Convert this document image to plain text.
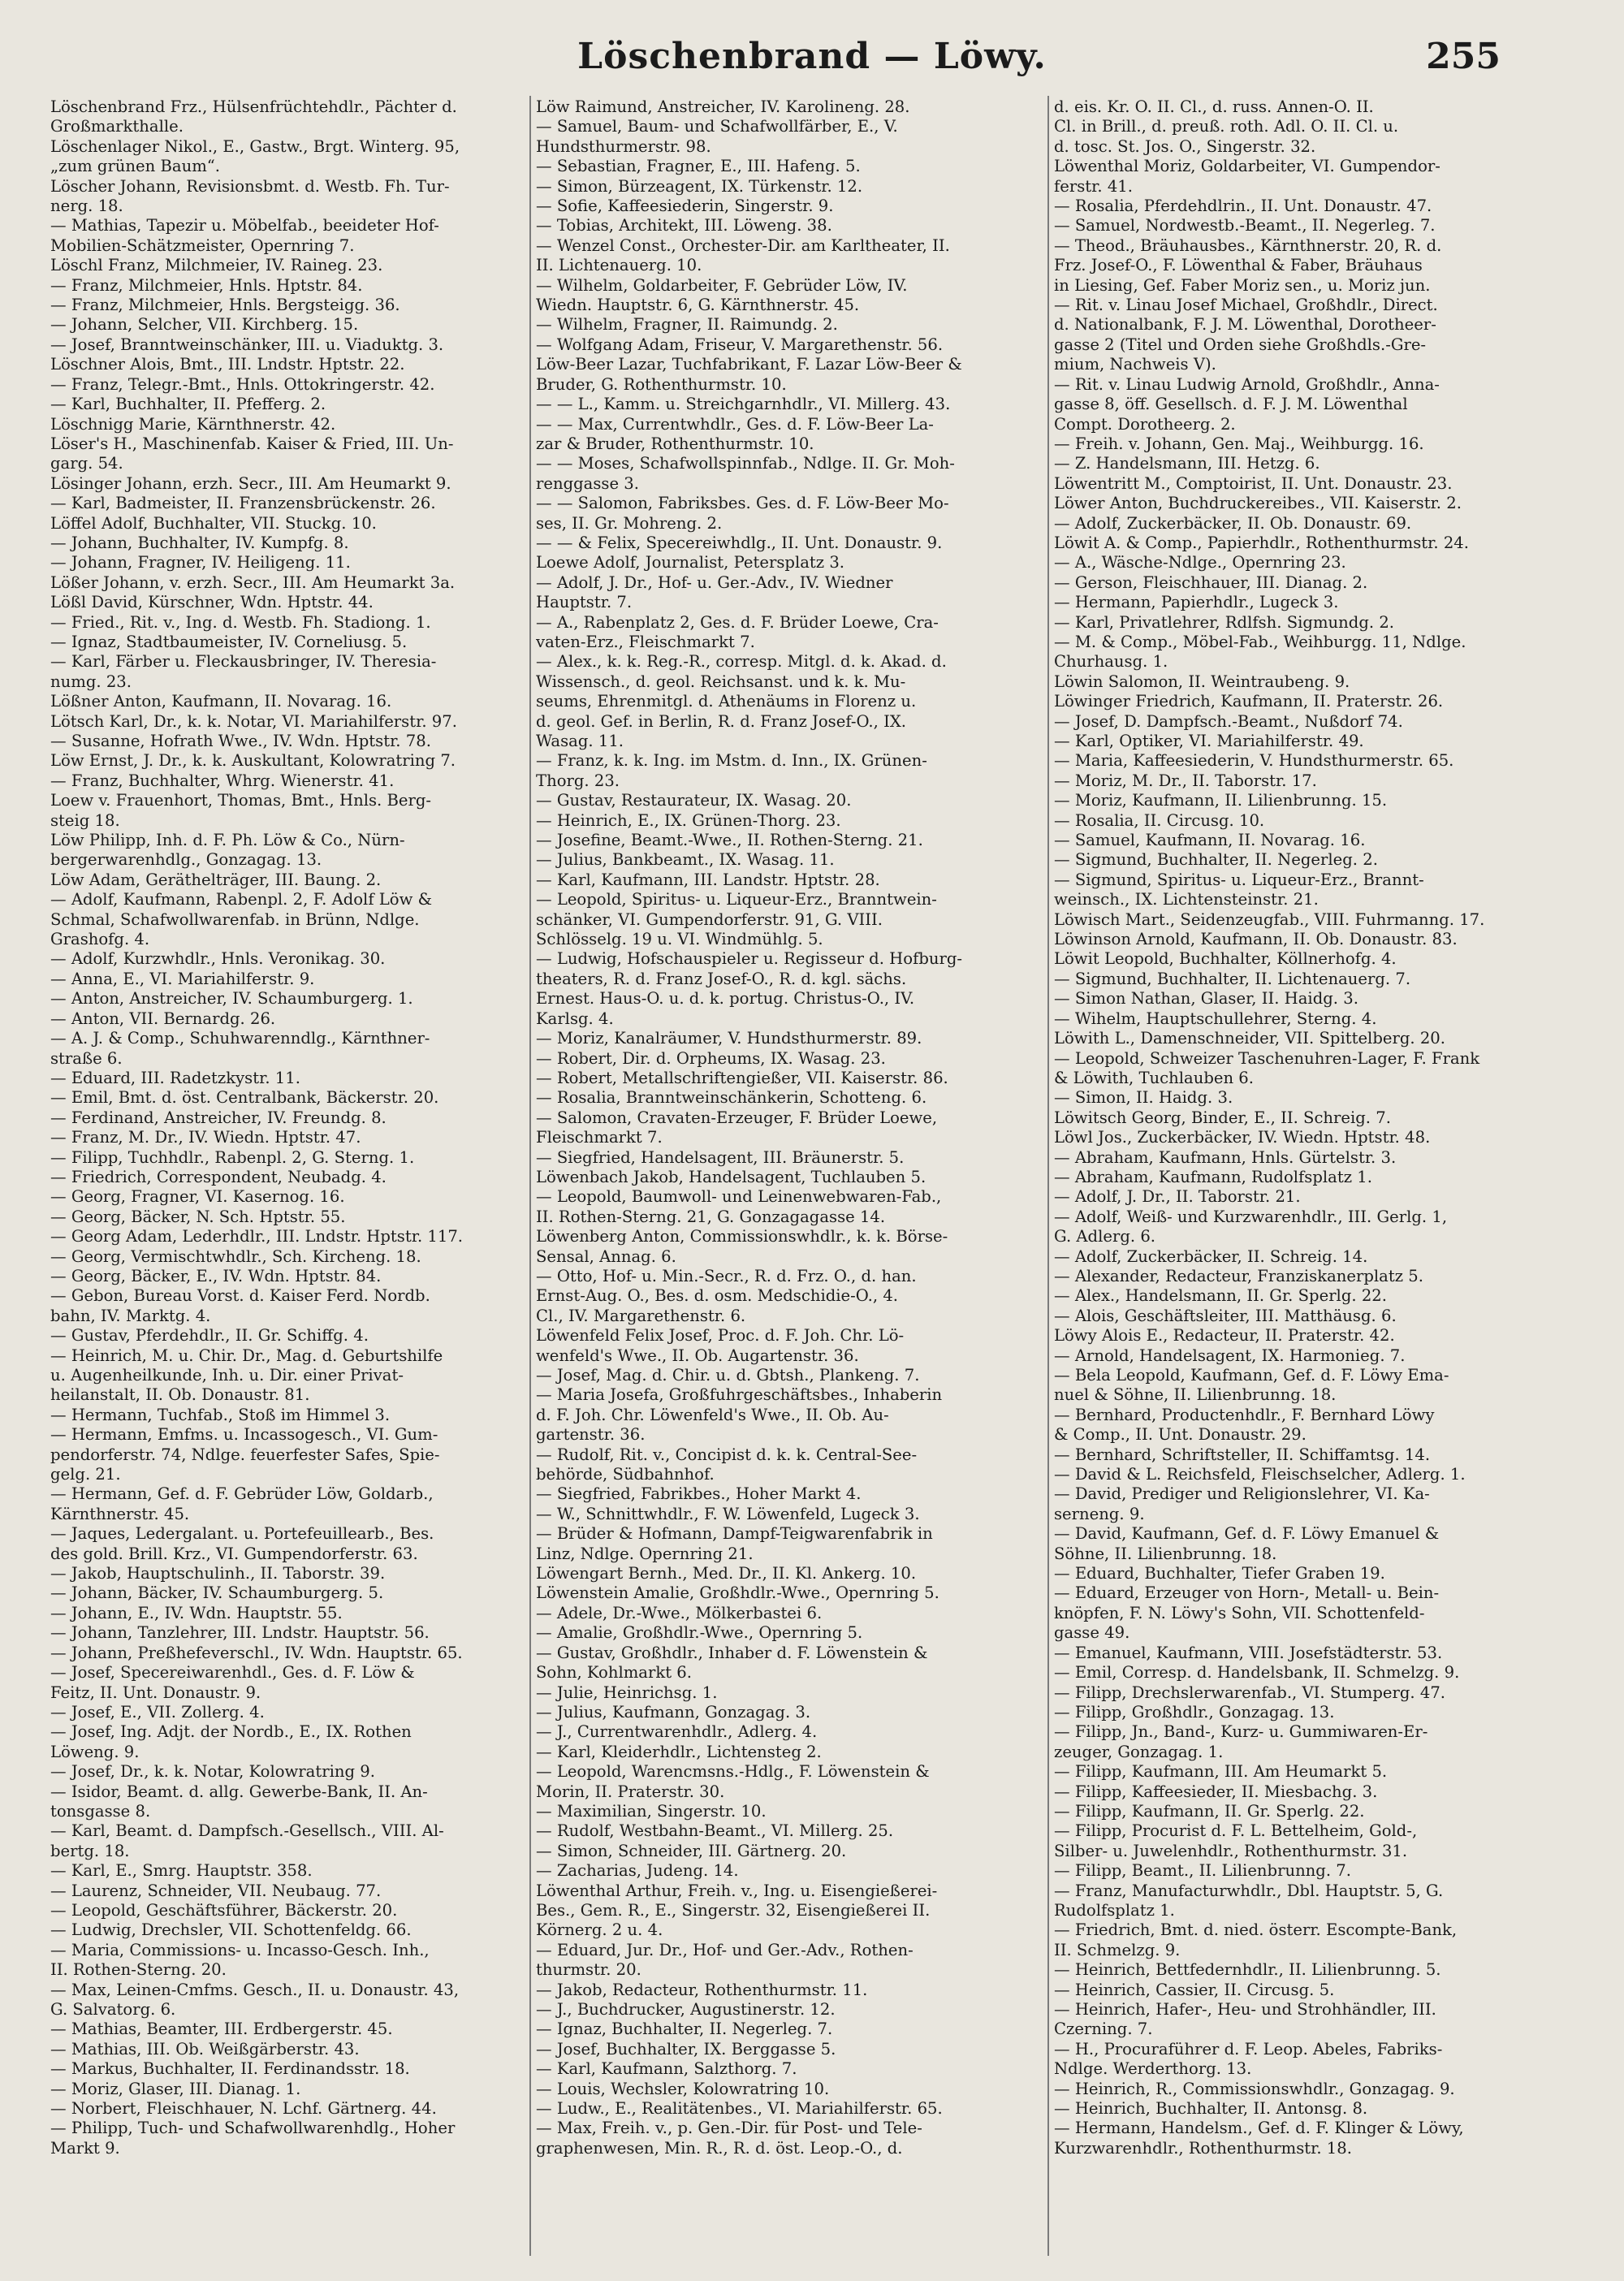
Löschenbrand — Löwy.	255
Löschenbrand Frz., Hülsenfrüchtehdlr., Pächter d.
Großmarkthalle.
Löschenlager Nikol., E., Gastw., Brgt. Winterg. 95,
„zum grünen Baum“.
Löscher Johann, Revisionsbmt. d. Westb. Fh. Tur-
nerg. 18.
— Mathias, Tapezir u. Möbelfab., beeideter Hof-
Mobilien-Schätzmeister, Opernring 7.
Löschl Franz, Milchmeier, IV. Raineg. 23.
— Franz, Milchmeier, Hnls. Hptstr. 84.
— Franz, Milchmeier, Hnls. Bergsteigg. 36.
— Johann, Selcher, VII. Kirchberg. 15.
— Josef, Branntweinschänker, III. u. Viaduktg. 3.
Löschner Alois, Bmt., III. Lndstr. Hptstr. 22.
— Franz, Telegr.-Bmt., Hnls. Ottokringerstr. 42.
— Karl, Buchhalter, II. Pfefferg. 2.
Löschnigg Marie, Kärnthnerstr. 42.
Löser's H., Maschinenfab. Kaiser & Fried, III. Un-
garg. 54.
Lösinger Johann, erzh. Secr., III. Am Heumarkt 9.
— Karl, Badmeister, II. Franzensbrückenstr. 26.
Löffel Adolf, Buchhalter, VII. Stuckg. 10.
— Johann, Buchhalter, IV. Kumpfg. 8.
— Johann, Fragner, IV. Heiligeng. 11.
Lößer Johann, v. erzh. Secr., III. Am Heumarkt 3a.
Lößl David, Kürschner, Wdn. Hptstr. 44.
— Fried., Rit. v., Ing. d. Westb. Fh. Stadiong. 1.
— Ignaz, Stadtbaumeister, IV. Corneliusg. 5.
— Karl, Färber u. Fleckausbringer, IV. Theresia-
numg. 23.
Lößner Anton, Kaufmann, II. Novarag. 16.
Lötsch Karl, Dr., k. k. Notar, VI. Mariahilferstr. 97.
— Susanne, Hofrath Wwe., IV. Wdn. Hptstr. 78.
Löw Ernst, J. Dr., k. k. Auskultant, Kolowratring 7.
— Franz, Buchhalter, Whrg. Wienerstr. 41.
Loew v. Frauenhort, Thomas, Bmt., Hnls. Berg-
steig 18.
Löw Philipp, Inh. d. F. Ph. Löw & Co., Nürn-
bergerwarenhdlg., Gonzagag. 13.
Löw Adam, Geräthelträger, III. Baung. 2.
— Adolf, Kaufmann, Rabenpl. 2, F. Adolf Löw &
Schmal, Schafwollwarenfab. in Brünn, Ndlge.
Grashofg. 4.
— Adolf, Kurzwhdlr., Hnls. Veronikag. 30.
— Anna, E., VI. Mariahilferstr. 9.
— Anton, Anstreicher, IV. Schaumburgerg. 1.
— Anton, VII. Bernardg. 26.
— A. J. & Comp., Schuhwarenndlg., Kärnthner-
straße 6.
— Eduard, III. Radetzkystr. 11.
— Emil, Bmt. d. öst. Centralbank, Bäckerstr. 20.
— Ferdinand, Anstreicher, IV. Freundg. 8.
— Franz, M. Dr., IV. Wiedn. Hptstr. 47.
— Filipp, Tuchhdlr., Rabenpl. 2, G. Sterng. 1.
— Friedrich, Correspondent, Neubadg. 4.
— Georg, Fragner, VI. Kasernog. 16.
— Georg, Bäcker, N. Sch. Hptstr. 55.
— Georg Adam, Lederhdlr., III. Lndstr. Hptstr. 117.
— Georg, Vermischtwhdlr., Sch. Kircheng. 18.
— Georg, Bäcker, E., IV. Wdn. Hptstr. 84.
— Gebon, Bureau Vorst. d. Kaiser Ferd. Nordb.
bahn, IV. Marktg. 4.
— Gustav, Pferdehdlr., II. Gr. Schiffg. 4.
— Heinrich, M. u. Chir. Dr., Mag. d. Geburtshilfe
u. Augenheilkunde, Inh. u. Dir. einer Privat-
heilanstalt, II. Ob. Donaustr. 81.
— Hermann, Tuchfab., Stoß im Himmel 3.
— Hermann, Emfms. u. Incassogesch., VI. Gum-
pendorferstr. 74, Ndlge. feuerfester Safes, Spie-
gelg. 21.
— Hermann, Gef. d. F. Gebrüder Löw, Goldarb.,
Kärnthnerstr. 45.
— Jaques, Ledergalant. u. Portefeuillearb., Bes.
des gold. Brill. Krz., VI. Gumpendorferstr. 63.
— Jakob, Hauptschulinh., II. Taborstr. 39.
— Johann, Bäcker, IV. Schaumburgerg. 5.
— Johann, E., IV. Wdn. Hauptstr. 55.
— Johann, Tanzlehrer, III. Lndstr. Hauptstr. 56.
— Johann, Preßhefeverschl., IV. Wdn. Hauptstr. 65.
— Josef, Specereiwarenhdl., Ges. d. F. Löw &
Feitz, II. Unt. Donaustr. 9.
— Josef, E., VII. Zollerg. 4.
— Josef, Ing. Adjt. der Nordb., E., IX. Rothen
Löweng. 9.
— Josef, Dr., k. k. Notar, Kolowratring 9.
— Isidor, Beamt. d. allg. Gewerbe-Bank, II. An-
tonsgasse 8.
— Karl, Beamt. d. Dampfsch.-Gesellsch., VIII. Al-
bertg. 18.
— Karl, E., Smrg. Hauptstr. 358.
— Laurenz, Schneider, VII. Neubaug. 77.
— Leopold, Geschäftsführer, Bäckerstr. 20.
— Ludwig, Drechsler, VII. Schottenfeldg. 66.
— Maria, Commissions- u. Incasso-Gesch. Inh.,
II. Rothen-Sterng. 20.
— Max, Leinen-Cmfms. Gesch., II. u. Donaustr. 43,
G. Salvatorg. 6.
— Mathias, Beamter, III. Erdbergerstr. 45.
— Mathias, III. Ob. Weißgärberstr. 43.
— Markus, Buchhalter, II. Ferdinandsstr. 18.
— Moriz, Glaser, III. Dianag. 1.
— Norbert, Fleischhauer, N. Lchf. Gärtnerg. 44.
— Philipp, Tuch- und Schafwollwarenhdlg., Hoher
Markt 9.
Löw Raimund, Anstreicher, IV. Karolineng. 28.
— Samuel, Baum- und Schafwollfärber, E., V.
Hundsthurmerstr. 98.
— Sebastian, Fragner, E., III. Hafeng. 5.
— Simon, Bürzeagent, IX. Türkenstr. 12.
— Sofie, Kaffeesiederin, Singerstr. 9.
— Tobias, Architekt, III. Löweng. 38.
— Wenzel Const., Orchester-Dir. am Karltheater, II.
II. Lichtenauerg. 10.
— Wilhelm, Goldarbeiter, F. Gebrüder Löw, IV.
Wiedn. Hauptstr. 6, G. Kärnthnerstr. 45.
— Wilhelm, Fragner, II. Raimundg. 2.
— Wolfgang Adam, Friseur, V. Margarethenstr. 56.
Löw-Beer Lazar, Tuchfabrikant, F. Lazar Löw-Beer &
Bruder, G. Rothenthurmstr. 10.
— — L., Kamm. u. Streichgarnhdlr., VI. Millerg. 43.
— — Max, Currentwhdlr., Ges. d. F. Löw-Beer La-
zar & Bruder, Rothenthurmstr. 10.
— — Moses, Schafwollspinnfab., Ndlge. II. Gr. Moh-
renggasse 3.
— — Salomon, Fabriksbes. Ges. d. F. Löw-Beer Mo-
ses, II. Gr. Mohreng. 2.
— — & Felix, Specereiwhdlg., II. Unt. Donaustr. 9.
Loewe Adolf, Journalist, Petersplatz 3.
— Adolf, J. Dr., Hof- u. Ger.-Adv., IV. Wiedner
Hauptstr. 7.
— A., Rabenplatz 2, Ges. d. F. Brüder Loewe, Cra-
vaten-Erz., Fleischmarkt 7.
— Alex., k. k. Reg.-R., corresp. Mitgl. d. k. Akad. d.
Wissensch., d. geol. Reichsanst. und k. k. Mu-
seums, Ehrenmitgl. d. Athenäums in Florenz u.
d. geol. Gef. in Berlin, R. d. Franz Josef-O., IX.
Wasag. 11.
— Franz, k. k. Ing. im Mstm. d. Inn., IX. Grünen-
Thorg. 23.
— Gustav, Restaurateur, IX. Wasag. 20.
— Heinrich, E., IX. Grünen-Thorg. 23.
— Josefine, Beamt.-Wwe., II. Rothen-Sterng. 21.
— Julius, Bankbeamt., IX. Wasag. 11.
— Karl, Kaufmann, III. Landstr. Hptstr. 28.
— Leopold, Spiritus- u. Liqueur-Erz., Branntwein-
schänker, VI. Gumpendorferstr. 91, G. VIII.
Schlösselg. 19 u. VI. Windmühlg. 5.
— Ludwig, Hofschauspieler u. Regisseur d. Hofburg-
theaters, R. d. Franz Josef-O., R. d. kgl. sächs.
Ernest. Haus-O. u. d. k. portug. Christus-O., IV.
Karlsg. 4.
— Moriz, Kanalräumer, V. Hundsthurmerstr. 89.
— Robert, Dir. d. Orpheums, IX. Wasag. 23.
— Robert, Metallschriftengießer, VII. Kaiserstr. 86.
— Rosalia, Branntweinschänkerin, Schotteng. 6.
— Salomon, Cravaten-Erzeuger, F. Brüder Loewe,
Fleischmarkt 7.
— Siegfried, Handelsagent, III. Bräunerstr. 5.
Löwenbach Jakob, Handelsagent, Tuchlauben 5.
— Leopold, Baumwoll- und Leinenwebwaren-Fab.,
II. Rothen-Sterng. 21, G. Gonzagagasse 14.
Löwenberg Anton, Commissionswhdlr., k. k. Börse-
Sensal, Annag. 6.
— Otto, Hof- u. Min.-Secr., R. d. Frz. O., d. han.
Ernst-Aug. O., Bes. d. osm. Medschidie-O., 4.
Cl., IV. Margarethenstr. 6.
Löwenfeld Felix Josef, Proc. d. F. Joh. Chr. Lö-
wenfeld's Wwe., II. Ob. Augartenstr. 36.
— Josef, Mag. d. Chir. u. d. Gbtsh., Plankeng. 7.
— Maria Josefa, Großfuhrgeschäftsbes., Inhaberin
d. F. Joh. Chr. Löwenfeld's Wwe., II. Ob. Au-
gartenstr. 36.
— Rudolf, Rit. v., Concipist d. k. k. Central-See-
behörde, Südbahnhof.
— Siegfried, Fabrikbes., Hoher Markt 4.
— W., Schnittwhdlr., F. W. Löwenfeld, Lugeck 3.
— Brüder & Hofmann, Dampf-Teigwarenfabrik in
Linz, Ndlge. Opernring 21.
Löwengart Bernh., Med. Dr., II. Kl. Ankerg. 10.
Löwenstein Amalie, Großhdlr.-Wwe., Opernring 5.
— Adele, Dr.-Wwe., Mölkerbastei 6.
— Amalie, Großhdlr.-Wwe., Opernring 5.
— Gustav, Großhdlr., Inhaber d. F. Löwenstein &
Sohn, Kohlmarkt 6.
— Julie, Heinrichsg. 1.
— Julius, Kaufmann, Gonzagag. 3.
— J., Currentwarenhdlr., Adlerg. 4.
— Karl, Kleiderhdlr., Lichtensteg 2.
— Leopold, Warencmsns.-Hdlg., F. Löwenstein &
Morin, II. Praterstr. 30.
— Maximilian, Singerstr. 10.
— Rudolf, Westbahn-Beamt., VI. Millerg. 25.
— Simon, Schneider, III. Gärtnerg. 20.
— Zacharias, Judeng. 14.
Löwenthal Arthur, Freih. v., Ing. u. Eisengießerei-
Bes., Gem. R., E., Singerstr. 32, Eisengießerei II.
Körnerg. 2 u. 4.
— Eduard, Jur. Dr., Hof- und Ger.-Adv., Rothen-
thurmstr. 20.
— Jakob, Redacteur, Rothenthurmstr. 11.
— J., Buchdrucker, Augustinerstr. 12.
— Ignaz, Buchhalter, II. Negerleg. 7.
— Josef, Buchhalter, IX. Berggasse 5.
— Karl, Kaufmann, Salzthorg. 7.
— Louis, Wechsler, Kolowratring 10.
— Ludw., E., Realitätenbes., VI. Mariahilferstr. 65.
— Max, Freih. v., p. Gen.-Dir. für Post- und Tele-
graphenwesen, Min. R., R. d. öst. Leop.-O., d.
d. eis. Kr. O. II. Cl., d. russ. Annen-O. II.
Cl. in Brill., d. preuß. roth. Adl. O. II. Cl. u.
d. tosc. St. Jos. O., Singerstr. 32.
Löwenthal Moriz, Goldarbeiter, VI. Gumpendor-
ferstr. 41.
— Rosalia, Pferdehdlrin., II. Unt. Donaustr. 47.
— Samuel, Nordwestb.-Beamt., II. Negerleg. 7.
— Theod., Bräuhausbes., Kärnthnerstr. 20, R. d.
Frz. Josef-O., F. Löwenthal & Faber, Bräuhaus
in Liesing, Gef. Faber Moriz sen., u. Moriz jun.
— Rit. v. Linau Josef Michael, Großhdlr., Direct.
d. Nationalbank, F. J. M. Löwenthal, Dorotheer-
gasse 2 (Titel und Orden siehe Großhdls.-Gre-
mium, Nachweis V).
— Rit. v. Linau Ludwig Arnold, Großhdlr., Anna-
gasse 8, öff. Gesellsch. d. F. J. M. Löwenthal
Compt. Dorotheerg. 2.
— Freih. v. Johann, Gen. Maj., Weihburgg. 16.
— Z. Handelsmann, III. Hetzg. 6.
Löwentritt M., Comptoirist, II. Unt. Donaustr. 23.
Löwer Anton, Buchdruckereibes., VII. Kaiserstr. 2.
— Adolf, Zuckerbäcker, II. Ob. Donaustr. 69.
Löwit A. & Comp., Papierhdlr., Rothenthurmstr. 24.
— A., Wäsche-Ndlge., Opernring 23.
— Gerson, Fleischhauer, III. Dianag. 2.
— Hermann, Papierhdlr., Lugeck 3.
— Karl, Privatlehrer, Rdlfsh. Sigmundg. 2.
— M. & Comp., Möbel-Fab., Weihburgg. 11, Ndlge.
Churhausg. 1.
Löwin Salomon, II. Weintraubeng. 9.
Löwinger Friedrich, Kaufmann, II. Praterstr. 26.
— Josef, D. Dampfsch.-Beamt., Nußdorf 74.
— Karl, Optiker, VI. Mariahilferstr. 49.
— Maria, Kaffeesiederin, V. Hundsthurmerstr. 65.
— Moriz, M. Dr., II. Taborstr. 17.
— Moriz, Kaufmann, II. Lilienbrunng. 15.
— Rosalia, II. Circusg. 10.
— Samuel, Kaufmann, II. Novarag. 16.
— Sigmund, Buchhalter, II. Negerleg. 2.
— Sigmund, Spiritus- u. Liqueur-Erz., Brannt-
weinsch., IX. Lichtensteinstr. 21.
Löwisch Mart., Seidenzeugfab., VIII. Fuhrmanng. 17.
Löwinson Arnold, Kaufmann, II. Ob. Donaustr. 83.
Löwit Leopold, Buchhalter, Köllnerhofg. 4.
— Sigmund, Buchhalter, II. Lichtenauerg. 7.
— Simon Nathan, Glaser, II. Haidg. 3.
— Wihelm, Hauptschullehrer, Sterng. 4.
Löwith L., Damenschneider, VII. Spittelberg. 20.
— Leopold, Schweizer Taschenuhren-Lager, F. Frank
& Löwith, Tuchlauben 6.
— Simon, II. Haidg. 3.
Löwitsch Georg, Binder, E., II. Schreig. 7.
Löwl Jos., Zuckerbäcker, IV. Wiedn. Hptstr. 48.
— Abraham, Kaufmann, Hnls. Gürtelstr. 3.
— Abraham, Kaufmann, Rudolfsplatz 1.
— Adolf, J. Dr., II. Taborstr. 21.
— Adolf, Weiß- und Kurzwarenhdlr., III. Gerlg. 1,
G. Adlerg. 6.
— Adolf, Zuckerbäcker, II. Schreig. 14.
— Alexander, Redacteur, Franziskanerplatz 5.
— Alex., Handelsmann, II. Gr. Sperlg. 22.
— Alois, Geschäftsleiter, III. Matthäusg. 6.
Löwy Alois E., Redacteur, II. Praterstr. 42.
— Arnold, Handelsagent, IX. Harmonieg. 7.
— Bela Leopold, Kaufmann, Gef. d. F. Löwy Ema-
nuel & Söhne, II. Lilienbrunng. 18.
— Bernhard, Productenhdlr., F. Bernhard Löwy
& Comp., II. Unt. Donaustr. 29.
— Bernhard, Schriftsteller, II. Schiffamtsg. 14.
— David & L. Reichsfeld, Fleischselcher, Adlerg. 1.
— David, Prediger und Religionslehrer, VI. Ka-
serneng. 9.
— David, Kaufmann, Gef. d. F. Löwy Emanuel &
Söhne, II. Lilienbrunng. 18.
— Eduard, Buchhalter, Tiefer Graben 19.
— Eduard, Erzeuger von Horn-, Metall- u. Bein-
knöpfen, F. N. Löwy's Sohn, VII. Schottenfeld-
gasse 49.
— Emanuel, Kaufmann, VIII. Josefstädterstr. 53.
— Emil, Corresp. d. Handelsbank, II. Schmelzg. 9.
— Filipp, Drechslerwarenfab., VI. Stumperg. 47.
— Filipp, Großhdlr., Gonzagag. 13.
— Filipp, Jn., Band-, Kurz- u. Gummiwaren-Er-
zeuger, Gonzagag. 1.
— Filipp, Kaufmann, III. Am Heumarkt 5.
— Filipp, Kaffeesieder, II. Miesbachg. 3.
— Filipp, Kaufmann, II. Gr. Sperlg. 22.
— Filipp, Procurist d. F. L. Bettelheim, Gold-,
Silber- u. Juwelenhdlr., Rothenthurmstr. 31.
— Filipp, Beamt., II. Lilienbrunng. 7.
— Franz, Manufacturwhdlr., Dbl. Hauptstr. 5, G.
Rudolfsplatz 1.
— Friedrich, Bmt. d. nied. österr. Escompte-Bank,
II. Schmelzg. 9.
— Heinrich, Bettfedernhdlr., II. Lilienbrunng. 5.
— Heinrich, Cassier, II. Circusg. 5.
— Heinrich, Hafer-, Heu- und Strohhändler, III.
Czerning. 7.
— H., Procuraführer d. F. Leop. Abeles, Fabriks-
Ndlge. Werderthorg. 13.
— Heinrich, R., Commissionswhdlr., Gonzagag. 9.
— Heinrich, Buchhalter, II. Antonsg. 8.
— Hermann, Handelsm., Gef. d. F. Klinger & Löwy,
Kurzwarenhdlr., Rothenthurmstr. 18.
